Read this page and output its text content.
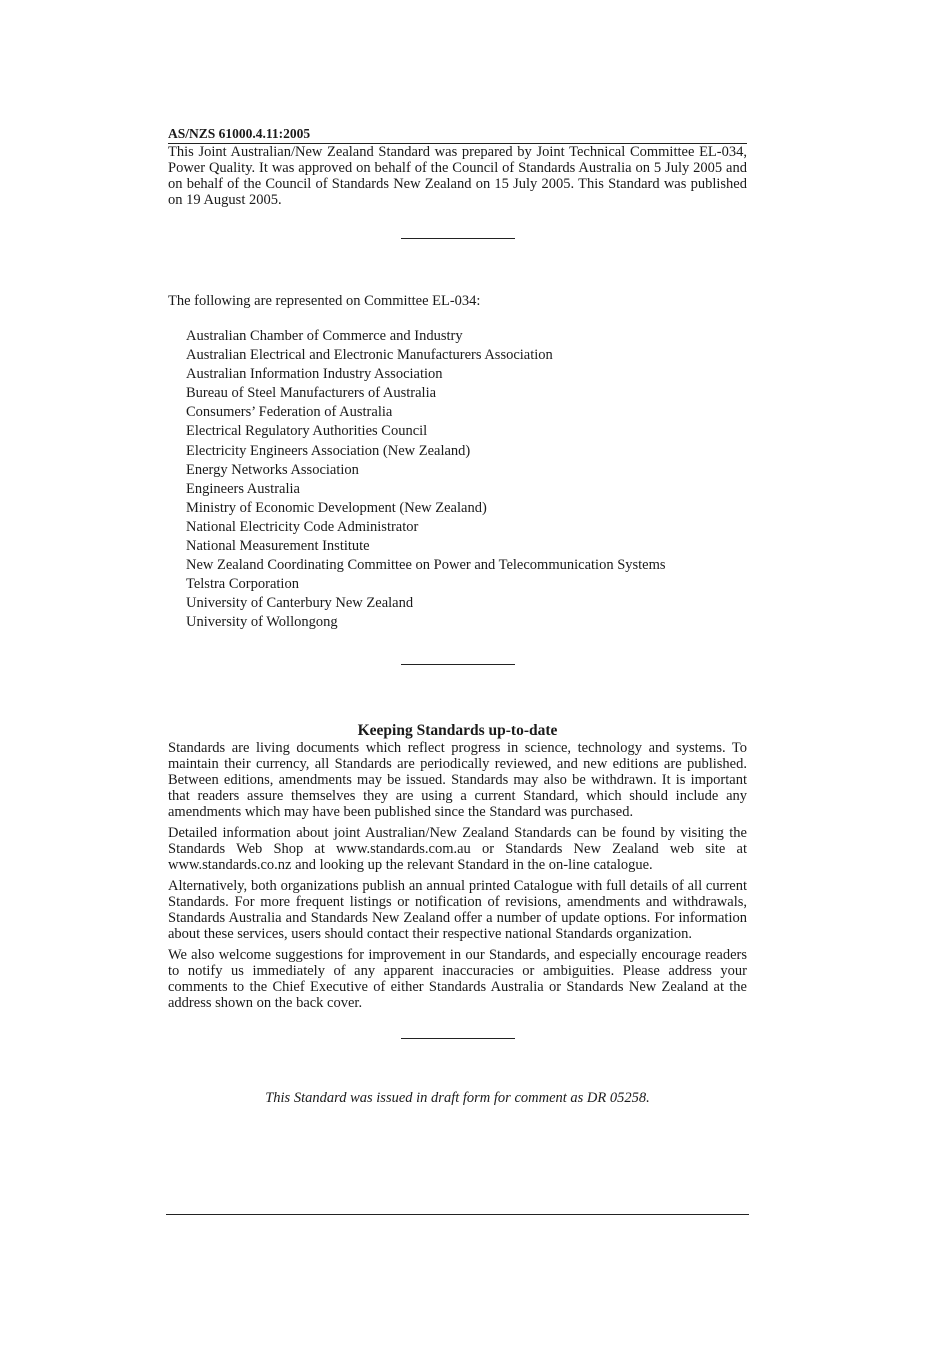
AS/NZS 61000.4.11:2005

This Joint Australian/New Zealand Standard was prepared by Joint Technical Committee EL-034, Power Quality. It was approved on behalf of the Council of Standards Australia on 5 July 2005 and on behalf of the Council of Standards New Zealand on 15 July 2005. This Standard was published on 19 August 2005.

The following are represented on Committee EL-034:
Australian Chamber of Commerce and Industry
Australian Electrical and Electronic Manufacturers Association
Australian Information Industry Association
Bureau of Steel Manufacturers of Australia
Consumers’ Federation of Australia
Electrical Regulatory Authorities Council
Electricity Engineers Association (New Zealand)
Energy Networks Association
Engineers Australia
Ministry of Economic Development (New Zealand)
National Electricity Code Administrator
National Measurement Institute
New Zealand Coordinating Committee on Power and Telecommunication Systems
Telstra Corporation
University of Canterbury New Zealand
University of Wollongong
Keeping Standards up-to-date

Standards are living documents which reflect progress in science, technology and systems. To maintain their currency, all Standards are periodically reviewed, and new editions are published. Between editions, amendments may be issued. Standards may also be withdrawn. It is important that readers assure themselves they are using a current Standard, which should include any amendments which may have been published since the Standard was purchased.

Detailed information about joint Australian/New Zealand Standards can be found by visiting the Standards Web Shop at www.standards.com.au or Standards New Zealand web site at www.standards.co.nz and looking up the relevant Standard in the on-line catalogue.

Alternatively, both organizations publish an annual printed Catalogue with full details of all current Standards. For more frequent listings or notification of revisions, amendments and withdrawals, Standards Australia and Standards New Zealand offer a number of update options. For information about these services, users should contact their respective national Standards organization.

We also welcome suggestions for improvement in our Standards, and especially encourage readers to notify us immediately of any apparent inaccuracies or ambiguities. Please address your comments to the Chief Executive of either Standards Australia or Standards New Zealand at the address shown on the back cover.

This Standard was issued in draft form for comment as DR 05258.
